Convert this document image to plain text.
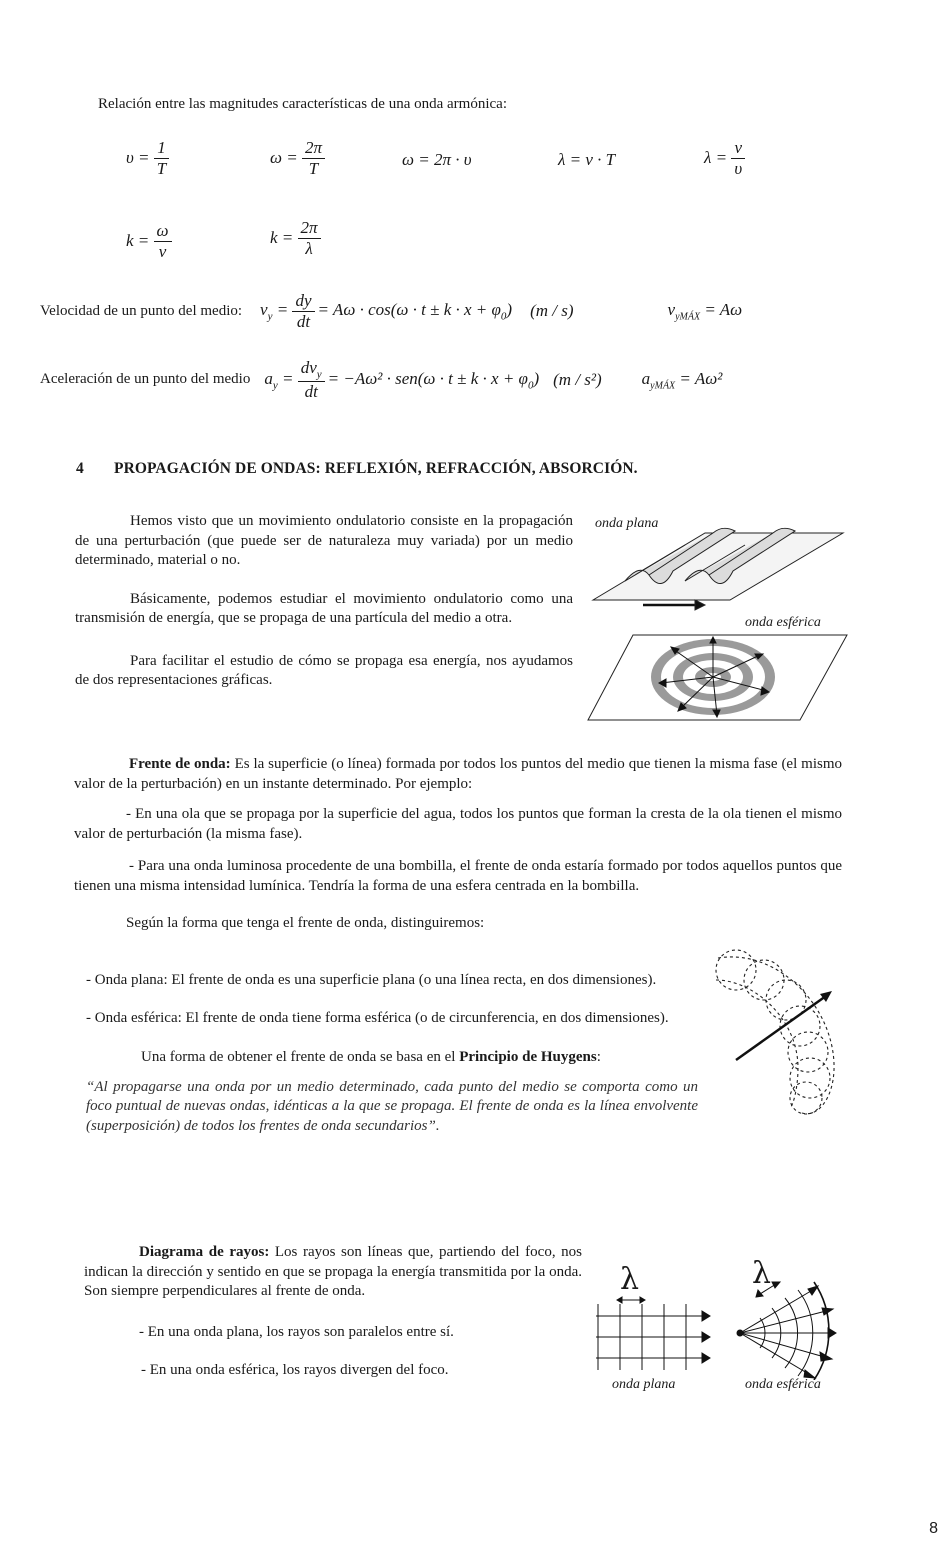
Relación entre las magnitudes características de una onda armónica:
υ =
$\frac{1}{T}$	ω =
$\frac{2\pi}{T}$	ω = 2π · υ	λ = v · T	λ =
$\frac{v}{\upsilon}$
k =
$\frac{\omega}{v}$	k =
$\frac{2\pi}{\lambda}$
Velocidad de un punto del medio: $v_y = \frac{dy}{dt} = A\omega \cdot \cos(\omega \cdot t \pm k \cdot x + \varphi_0)$ (m / s)	$v_{yMÁX} = A\omega$
Aceleración de un punto del medio $a_y = \frac{dv_y}{dt} = -A\omega^2 \cdot sen(\omega \cdot t \pm k \cdot x + \varphi_0)$ (m / s²) $a_{yMÁX} = A\omega^2$
4 PROPAGACIÓN DE ONDAS: REFLEXIÓN, REFRACCIÓN, ABSORCIÓN.

Hemos visto que un movimiento ondulatorio consiste en la propagación de una perturbación (que puede ser de naturaleza muy variada) por un medio determinado, material o no.

Básicamente, podemos estudiar el movimiento ondulatorio como una transmisión de energía, que se propaga de una partícula del medio a otra.

Para facilitar el estudio de cómo se propaga esa energía, nos ayudamos de dos representaciones gráficas.

onda plana
onda esférica

Frente de onda: Es la superficie (o línea) formada por todos los puntos del medio que tienen la misma fase (el mismo valor de la perturbación) en un instante determinado. Por ejemplo:

- En una ola que se propaga por la superficie del agua, todos los puntos que forman la cresta de la ola tienen el mismo valor de perturbación (la misma fase).

- Para una onda luminosa procedente de una bombilla, el frente de onda estaría formado por todos aquellos puntos que tienen una misma intensidad lumínica. Tendría la forma de una esfera centrada en la bombilla.

Según la forma que tenga el frente de onda, distinguiremos:

- Onda plana: El frente de onda es una superficie plana (o una línea recta, en dos dimensiones).

- Onda esférica: El frente de onda tiene forma esférica (o de circunferencia, en dos dimensiones).

Una forma de obtener el frente de onda se basa en el Principio de Huygens:

“Al propagarse una onda por un medio determinado, cada punto del medio se comporta como un foco puntual de nuevas ondas, idénticas a la que se propaga. El frente de onda es la línea envolvente (superposición) de todos los frentes de onda secundarios”.

Diagrama de rayos: Los rayos son líneas que, partiendo del foco, nos indican la dirección y sentido en que se propaga la energía transmitida por la onda. Son siempre perpendiculares al frente de onda.

- En una onda plana, los rayos son paralelos entre sí.

- En una onda esférica, los rayos divergen del foco.

λ	λ
onda plana	onda esférica
8
